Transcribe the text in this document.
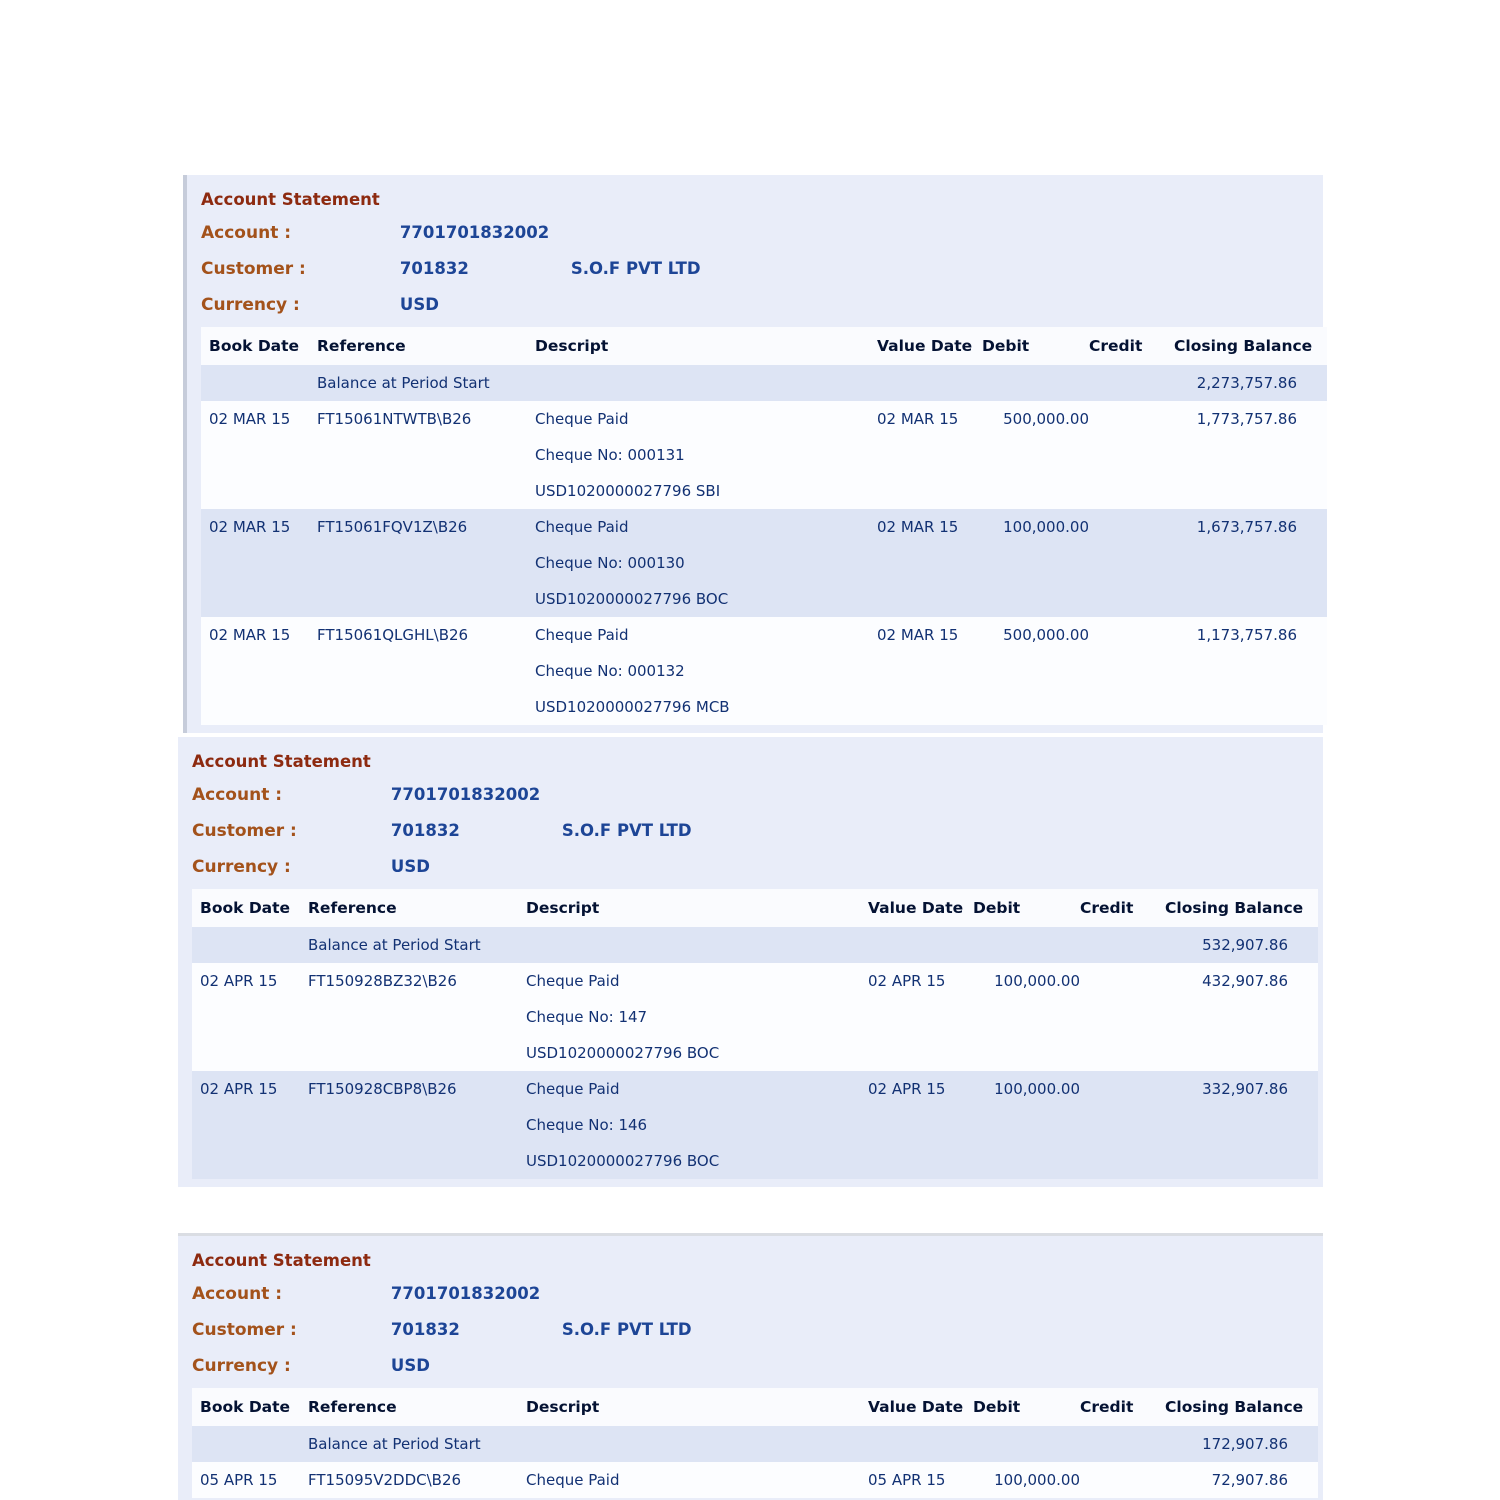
Account Statement
Account :	7701701832002
Customer :	701832	S.O.F PVT LTD
Currency :	USD
Book Date	Reference	Descript	Value Date	Debit	Credit	Closing Balance
	Balance at Period Start					2,273,757.86
02 MAR 15	FT15061NTWTB\B26	Cheque Paid	02 MAR 15	500,000.00		1,773,757.86
		Cheque No: 000131				
		USD1020000027796 SBI				
02 MAR 15	FT15061FQV1Z\B26	Cheque Paid	02 MAR 15	100,000.00		1,673,757.86
		Cheque No: 000130				
		USD1020000027796 BOC				
02 MAR 15	FT15061QLGHL\B26	Cheque Paid	02 MAR 15	500,000.00		1,173,757.86
		Cheque No: 000132				
		USD1020000027796 MCB				
Account Statement
Account :	7701701832002
Customer :	701832	S.O.F PVT LTD
Currency :	USD
Book Date	Reference	Descript	Value Date	Debit	Credit	Closing Balance
	Balance at Period Start					532,907.86
02 APR 15	FT150928BZ32\B26	Cheque Paid	02 APR 15	100,000.00		432,907.86
		Cheque No: 147				
		USD1020000027796 BOC				
02 APR 15	FT150928CBP8\B26	Cheque Paid	02 APR 15	100,000.00		332,907.86
		Cheque No: 146				
		USD1020000027796 BOC				
Account Statement
Account :	7701701832002
Customer :	701832	S.O.F PVT LTD
Currency :	USD
Book Date	Reference	Descript	Value Date	Debit	Credit	Closing Balance
	Balance at Period Start					172,907.86
05 APR 15	FT15095V2DDC\B26	Cheque Paid	05 APR 15	100,000.00		72,907.86
